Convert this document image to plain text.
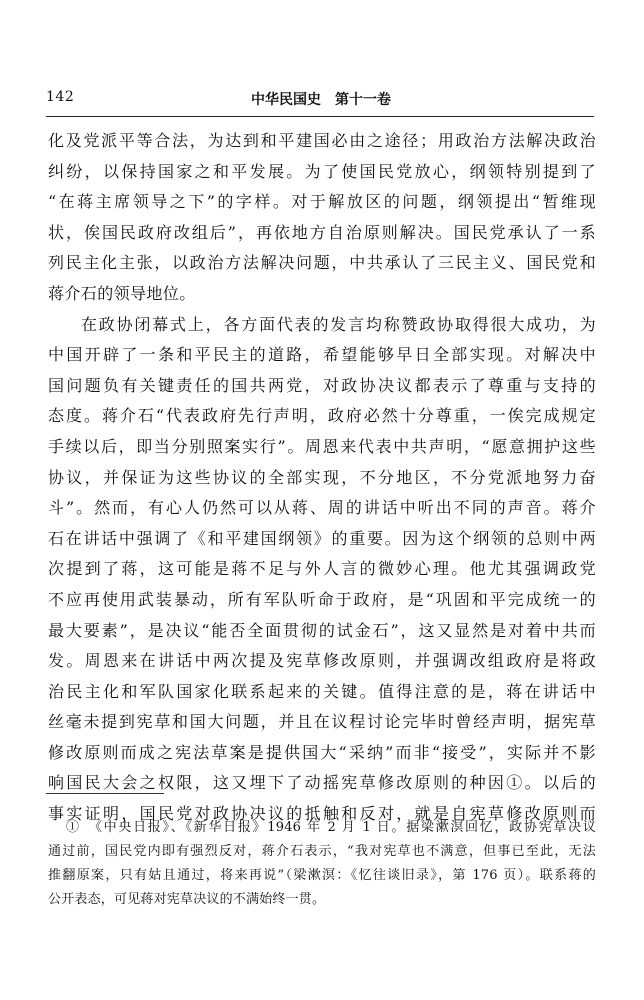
142	中华民国史　第十一卷
化及党派平等合法，为达到和平建国必由之途径；用政治方法解决政治
纠纷，以保持国家之和平发展。为了使国民党放心，纲领特别提到了
“在蒋主席领导之下”的字样。对于解放区的问题，纲领提出“暂维现
状，俟国民政府改组后”，再依地方自治原则解决。国民党承认了一系
列民主化主张，以政治方法解决问题，中共承认了三民主义、国民党和
蒋介石的领导地位。
在政协闭幕式上，各方面代表的发言均称赞政协取得很大成功，为
中国开辟了一条和平民主的道路，希望能够早日全部实现。对解决中
国问题负有关键责任的国共两党，对政协决议都表示了尊重与支持的
态度。蒋介石“代表政府先行声明，政府必然十分尊重，一俟完成规定
手续以后，即当分别照案实行”。周恩来代表中共声明，“愿意拥护这些
协议，并保证为这些协议的全部实现，不分地区，不分党派地努力奋
斗”。然而，有心人仍然可以从蒋、周的讲话中听出不同的声音。蒋介
石在讲话中强调了《和平建国纲领》的重要。因为这个纲领的总则中两
次提到了蒋，这可能是蒋不足与外人言的微妙心理。他尤其强调政党
不应再使用武装暴动，所有军队听命于政府，是“巩固和平完成统一的
最大要素”，是决议“能否全面贯彻的试金石”，这又显然是对着中共而
发。周恩来在讲话中两次提及宪草修改原则，并强调改组政府是将政
治民主化和军队国家化联系起来的关键。值得注意的是，蒋在讲话中
丝毫未提到宪草和国大问题，并且在议程讨论完毕时曾经声明，据宪草
修改原则而成之宪法草案是提供国大“采纳”而非“接受”，实际并不影
响国民大会之权限，这又埋下了动摇宪草修改原则的种因①。以后的
事实证明，国民党对政协决议的抵触和反对，就是自宪草修改原则而
①　《中央日报》、《新华日报》1946 年 2 月 1 日。据梁漱溟回忆，政协宪草决议
通过前，国民党内即有强烈反对，蒋介石表示，“我对宪草也不满意，但事已至此，无法
推翻原案，只有姑且通过，将来再说”（梁漱溟：《忆往谈旧录》，第 176 页）。联系蒋的
公开表态，可见蒋对宪草决议的不满始终一贯。
